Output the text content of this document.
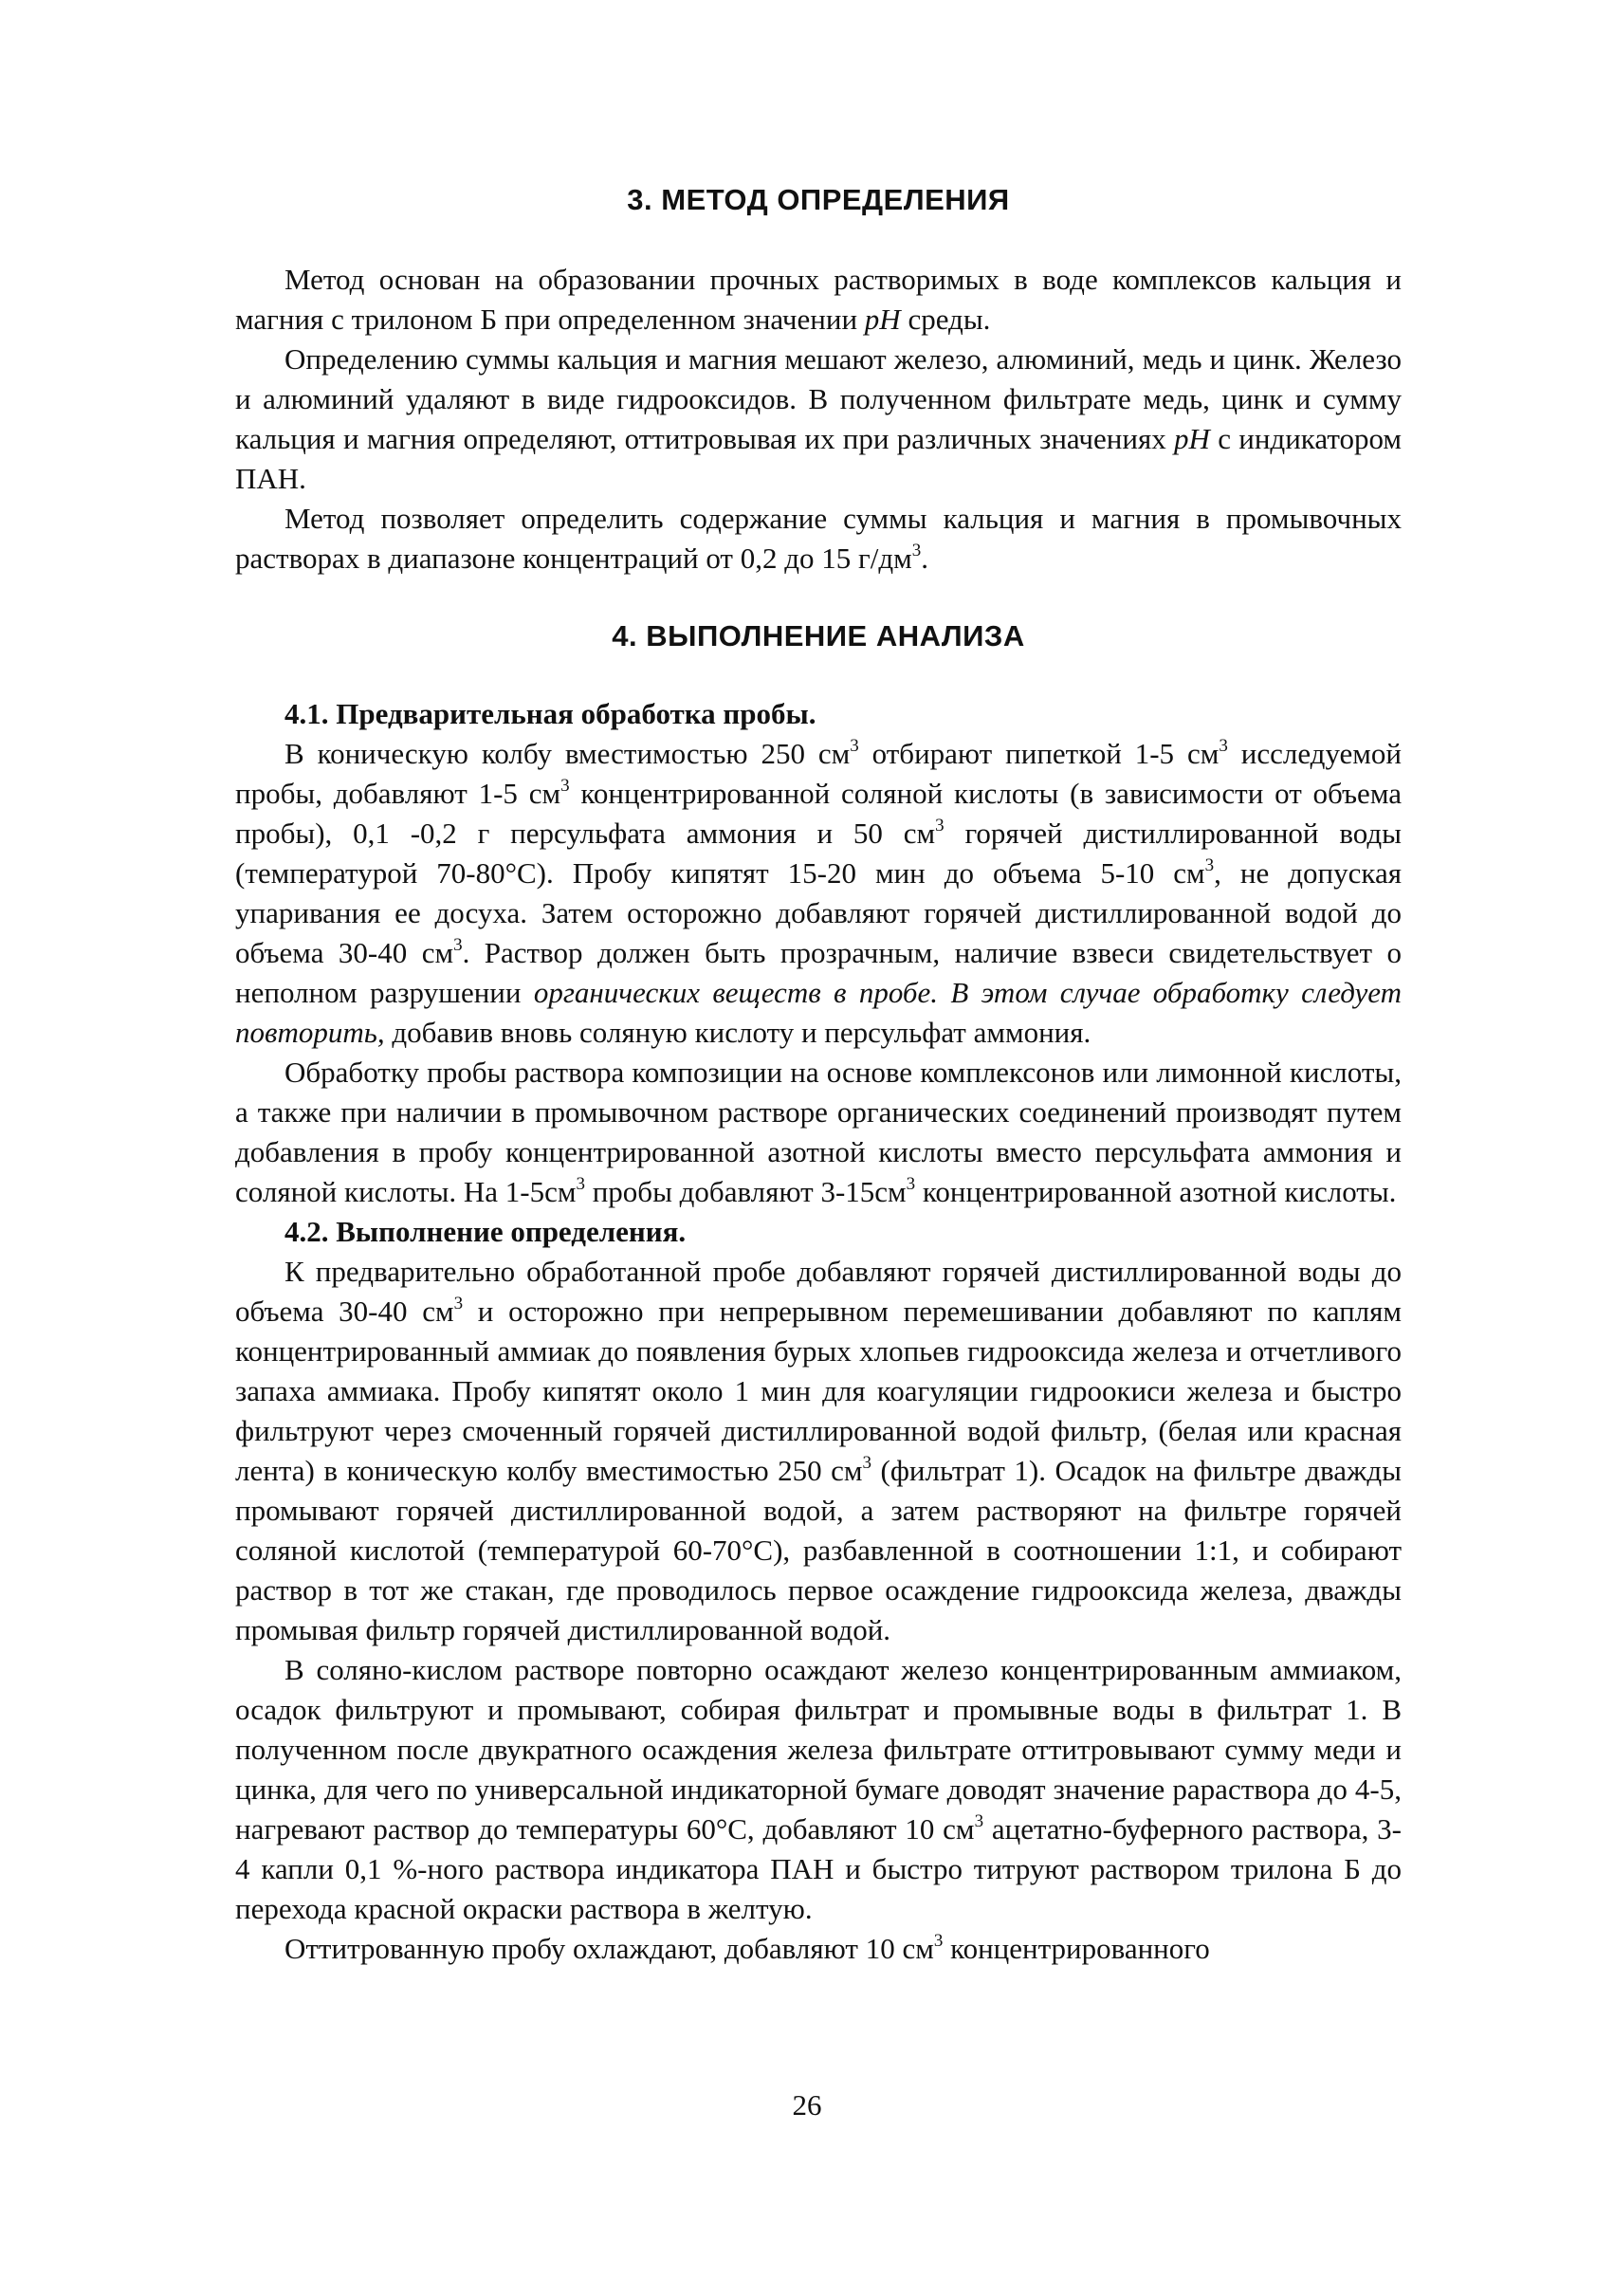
3. МЕТОД ОПРЕДЕЛЕНИЯ

Метод основан на образовании прочных растворимых в воде комплексов кальция и магния с трилоном Б при определенном значении pH среды.

Определению суммы кальция и магния мешают железо, алюминий, медь и цинк. Железо и алюминий удаляют в виде гидрооксидов. В полученном фильтрате медь, цинк и сумму кальция и магния определяют, оттитровывая их при различных значениях pH с индикатором ПАН.

Метод позволяет определить содержание суммы кальция и магния в промывочных растворах в диапазоне концентраций от 0,2 до 15 $г/дм^3$.

4. ВЫПОЛНЕНИЕ АНАЛИЗА
4.1. Предварительная обработка пробы.

В коническую колбу вместимостью 250 $см^3$ отбирают пипеткой 1-5 $см^3$ исследуемой пробы, добавляют 1-5 $см^3$ концентрированной соляной кислоты (в зависимости от объема пробы), 0,1 -0,2 г персульфата аммония и 50 $см^3$ горячей дистиллированной воды (температурой 70-80°С). Пробу кипятят 15-20 мин до объема 5-10 $см^3$, не допуская упаривания ее досуха. Затем осторожно добавляют горячей дистиллированной водой до объема 30-40 $см^3$. Раствор должен быть прозрачным, наличие взвеси свидетельствует о неполном разрушении органических веществ в пробе. В этом случае обработку следует повторить, добавив вновь соляную кислоту и персульфат аммония.

Обработку пробы раствора композиции на основе комплексонов или лимонной кислоты, а также при наличии в промывочном растворе органических соединений производят путем добавления в пробу концентрированной азотной кислоты вместо персульфата аммония и соляной кислоты. На $1-5см^3$ пробы добавляют $3-15см^3$ концентрированной азотной кислоты.

4.2. Выполнение определения.

К предварительно обработанной пробе добавляют горячей дистиллированной воды до объема 30-40 $см^3$ и осторожно при непрерывном перемешивании добавляют по каплям концентрированный аммиак до появления бурых хлопьев гидрооксида железа и отчетливого запаха аммиака. Пробу кипятят около 1 мин для коагуляции гидроокиси железа и быстро фильтруют через смоченный горячей дистиллированной водой фильтр, (белая или красная лента) в коническую колбу вместимостью 250 $см^3$ (фильтрат 1). Осадок на фильтре дважды промывают горячей дистиллированной водой, а затем растворяют на фильтре горячей соляной кислотой (температурой 60-70°С), разбавленной в соотношении 1:1, и собирают раствор в тот же стакан, где проводилось первое осаждение гидрооксида железа, дважды промывая фильтр горячей дистиллированной водой.

В соляно-кислом растворе повторно осаждают железо концентрированным аммиаком, осадок фильтруют и промывают, собирая фильтрат и промывные воды в фильтрат 1. В полученном после двукратного осаждения железа фильтрате оттитровывают сумму меди и цинка, для чего по универсальной индикаторной бумаге доводят значение рараствора до 4-5, нагревают раствор до температуры 60°С, добавляют 10 $см^3$ ацетатно-буферного раствора, 3-4 капли 0,1 %-ного раствора индикатора ПАН и быстро титруют раствором трилона Б до перехода красной окраски раствора в желтую.

Оттитрованную пробу охлаждают, добавляют 10 $см^3$ концентрированного

26
